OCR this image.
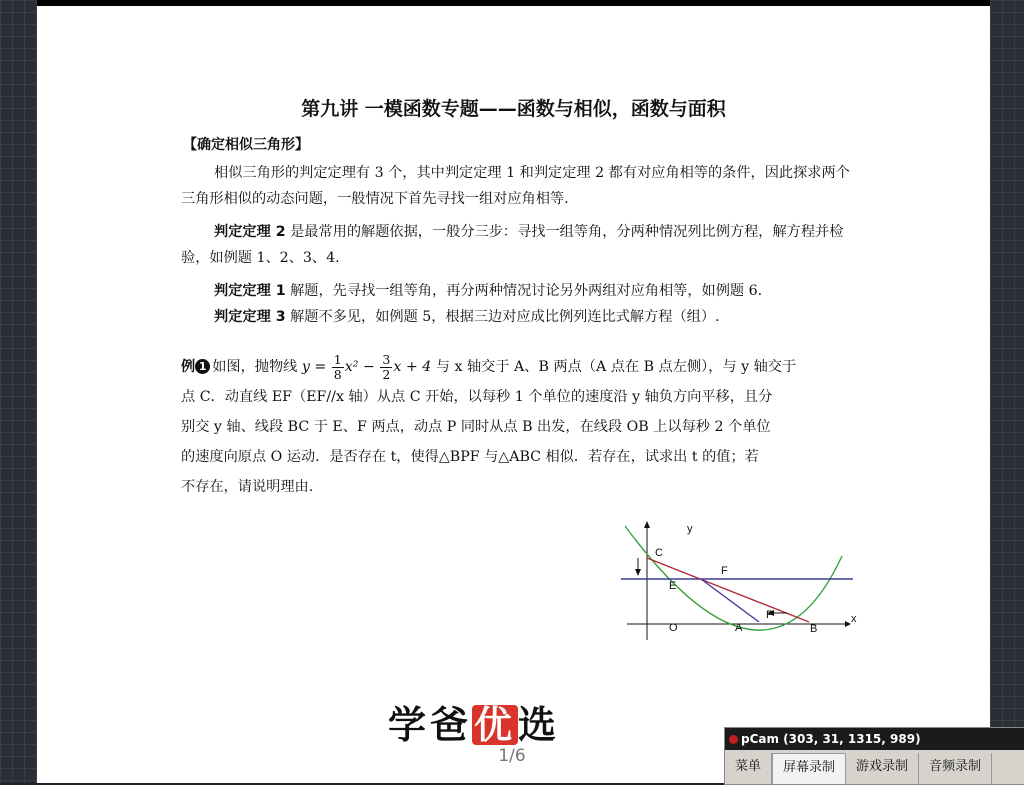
第九讲 一模函数专题——函数与相似，函数与面积
【确定相似三角形】
相似三角形的判定定理有 3 个，其中判定定理 1 和判定定理 2 都有对应角相等的条件，因此探求两个三角形相似的动态问题，一般情况下首先寻找一组对应角相等.
判定定理 2 是最常用的解题依据，一般分三步：寻找一组等角，分两种情况列比例方程，解方程并检验，如例题 1、2、3、4.
判定定理 1 解题，先寻找一组等角，再分两种情况讨论另外两组对应角相等，如例题 6.
判定定理 3 解题不多见，如例题 5，根据三边对应成比例列连比式解方程（组）.
例 1 如图，抛物线 $y = \frac{1}{8} x^2 - \frac{3}{2}$ x + 4 与 x 轴交于 A、B 两点（A 点在 B 点左侧），与 y 轴交于
点 C．动直线 EF（EF//x 轴）从点 C 开始，以每秒 1 个单位的速度沿 y 轴负方向平移，且分
别交 y 轴、线段 BC 于 E、F 两点，动点 P 同时从点 B 出发，在线段 OB 上以每秒 2 个单位
的速度向原点 O 运动．是否存在 t，使得△BPF 与△ABC 相似．若存在，试求出 t 的值；若
不存在，请说明理由.
y
x
C
F
E
P
O	A	B
学爸优选
1/6
pCam (303, 31, 1315, 989)
菜单	屏幕录制	游戏录制	音频录制
